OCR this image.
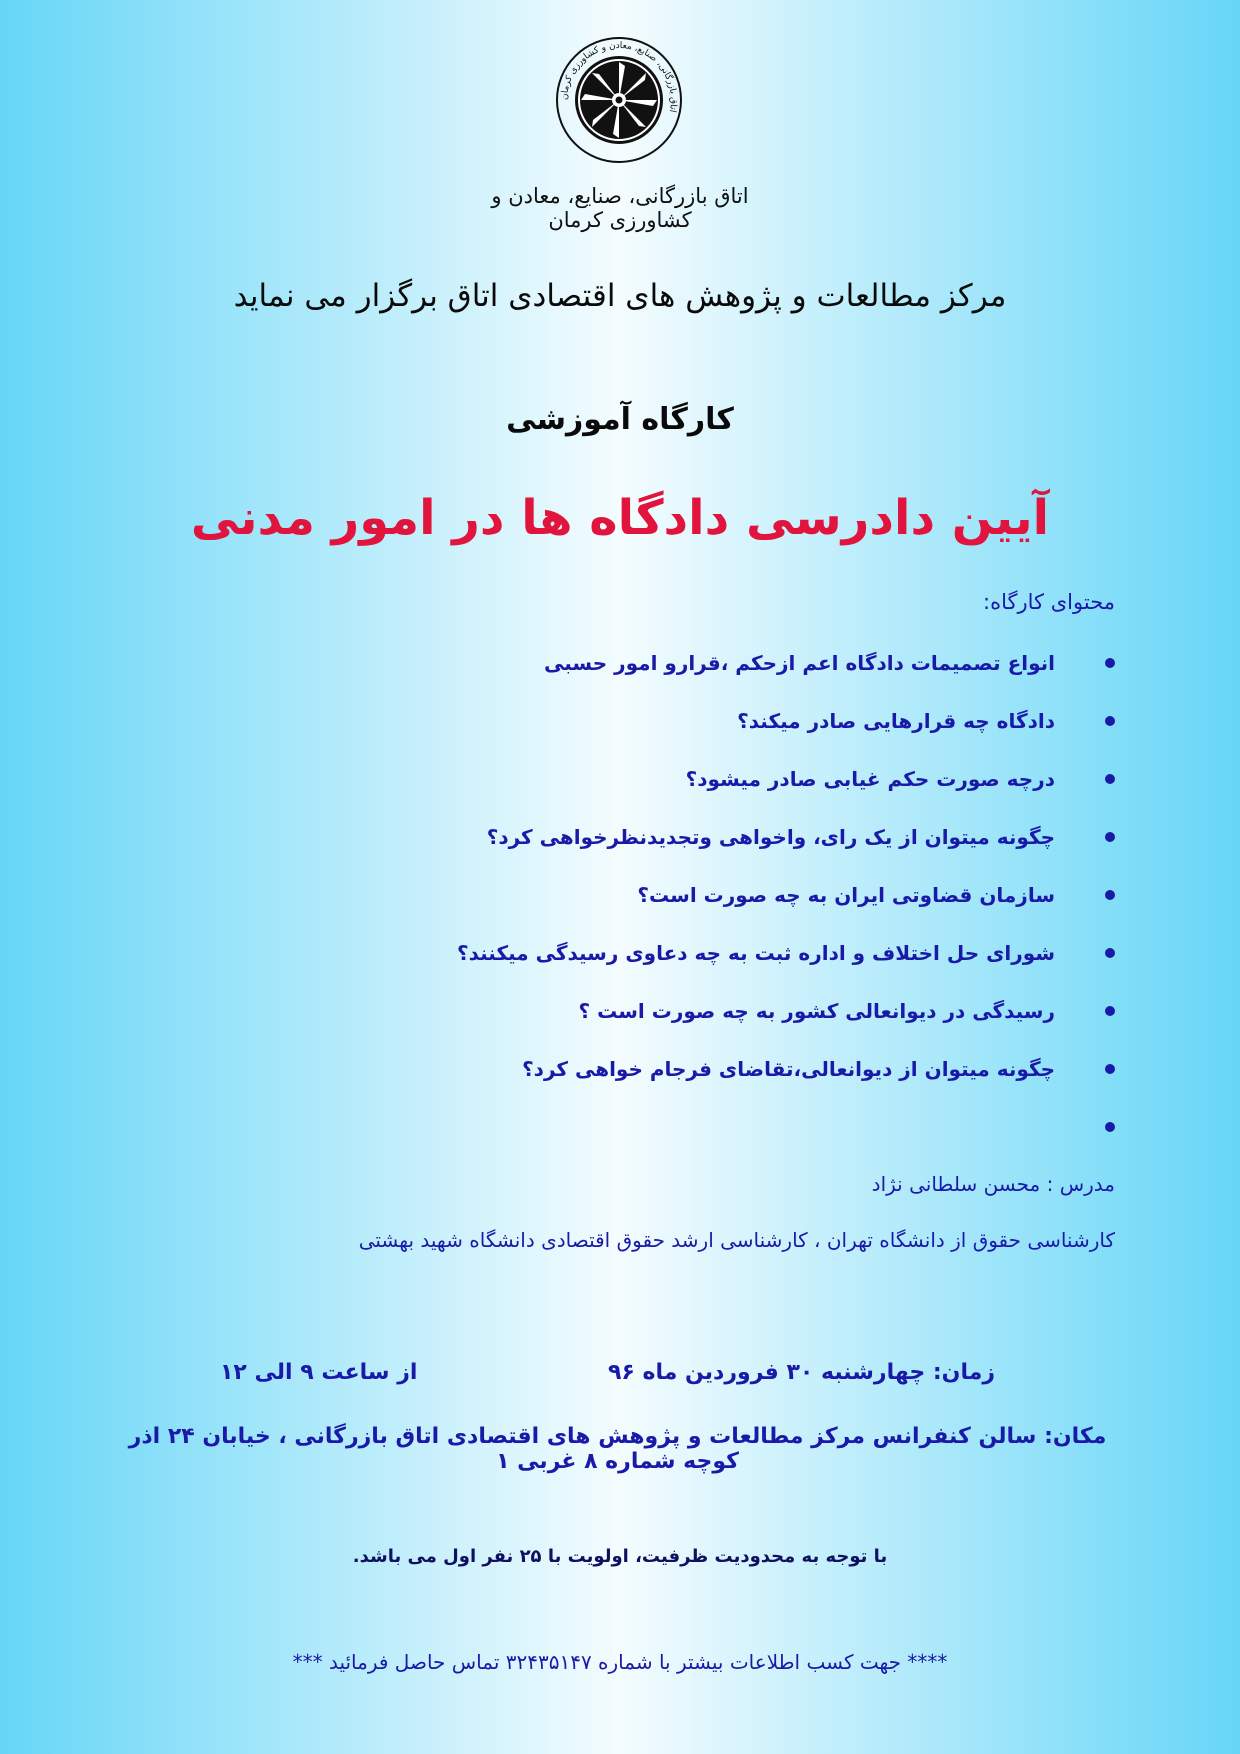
اتاق بازرگانی، صنایع، معادن و کشاورزی کرمان
اتاق بازرگانی، صنایع، معادن و کشاورزی کرمان
مرکز مطالعات و پژوهش های اقتصادی اتاق برگزار می نماید
کارگاه آموزشی
آیین دادرسی دادگاه ها در امور مدنی
محتوای کارگاه:
انواع تصمیمات دادگاه اعم ازحکم ،قرارو امور حسبی
دادگاه چه قرارهایی صادر میکند؟
درچه صورت حکم غیابی صادر میشود؟
چگونه میتوان از یک رای، واخواهی وتجدیدنظرخواهی کرد؟
سازمان قضاوتی ایران به چه صورت است؟
شورای حل اختلاف و اداره ثبت به چه دعاوی رسیدگی میکنند؟
رسیدگی در دیوانعالی کشور به چه صورت است ؟
چگونه میتوان از دیوانعالی،تقاضای فرجام خواهی کرد؟
مدرس : محسن سلطانی نژاد
کارشناسی حقوق از دانشگاه تهران ، کارشناسی ارشد حقوق اقتصادی دانشگاه شهید بهشتی
زمان: چهارشنبه ۳۰ فروردین ماه ۹۶
از ساعت ۹ الی ۱۲
مکان: سالن کنفرانس مرکز مطالعات و پژوهش های اقتصادی اتاق بازرگانی ، خیابان ۲۴ اذر کوچه شماره ۸ غربی ۱
با توجه به محدودیت ظرفیت، اولویت با ۲۵ نفر اول می باشد.
**** جهت کسب اطلاعات بیشتر با شماره ۳۲۴۳۵۱۴۷ تماس حاصل فرمائید ***
